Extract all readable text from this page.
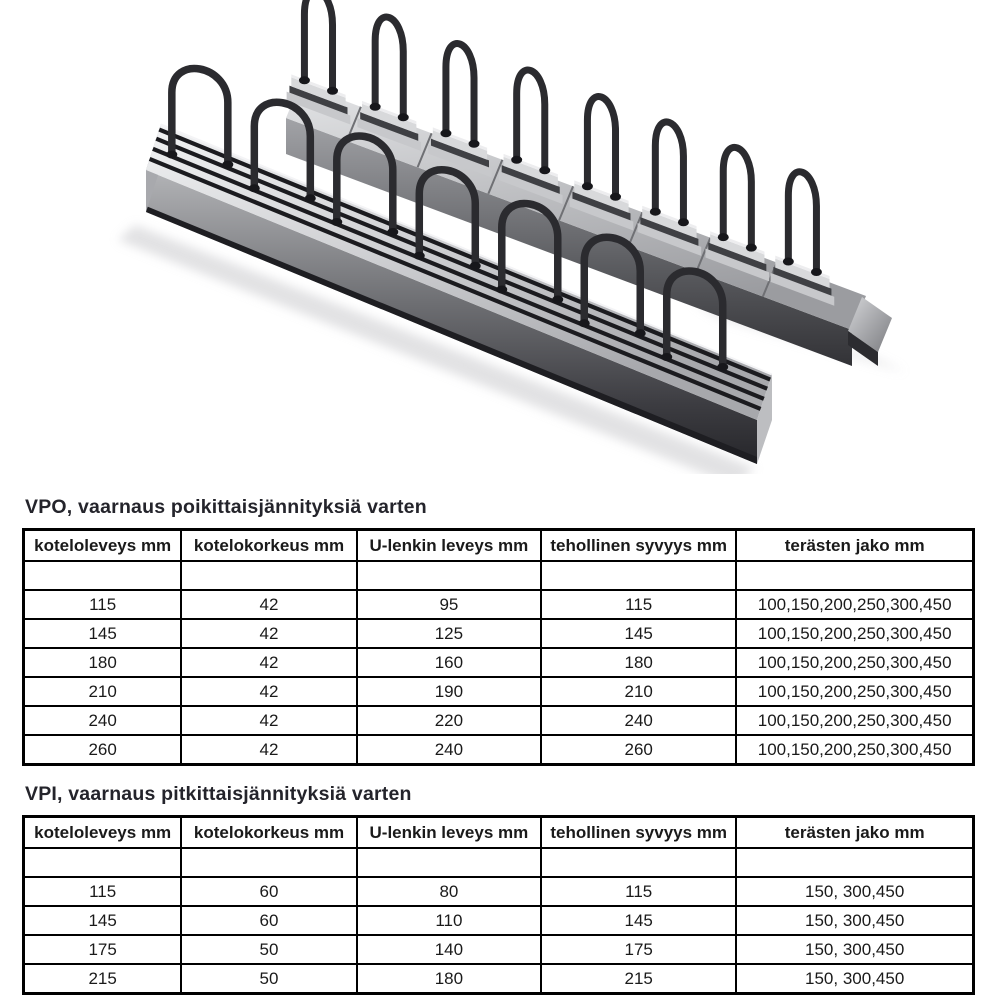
VPO, vaarnaus poikittaisjännityksiä varten
koteloleveys mm	kotelokorkeus mm	U-lenkin leveys mm	tehollinen syvyys mm	terästen jako mm

115	42	95	115	100,150,200,250,300,450
145	42	125	145	100,150,200,250,300,450
180	42	160	180	100,150,200,250,300,450
210	42	190	210	100,150,200,250,300,450
240	42	220	240	100,150,200,250,300,450
260	42	240	260	100,150,200,250,300,450
VPI, vaarnaus pitkittaisjännityksiä varten
koteloleveys mm	kotelokorkeus mm	U-lenkin leveys mm	tehollinen syvyys mm	terästen jako mm

115	60	80	115	150, 300,450
145	60	110	145	150, 300,450
175	50	140	175	150, 300,450
215	50	180	215	150, 300,450
